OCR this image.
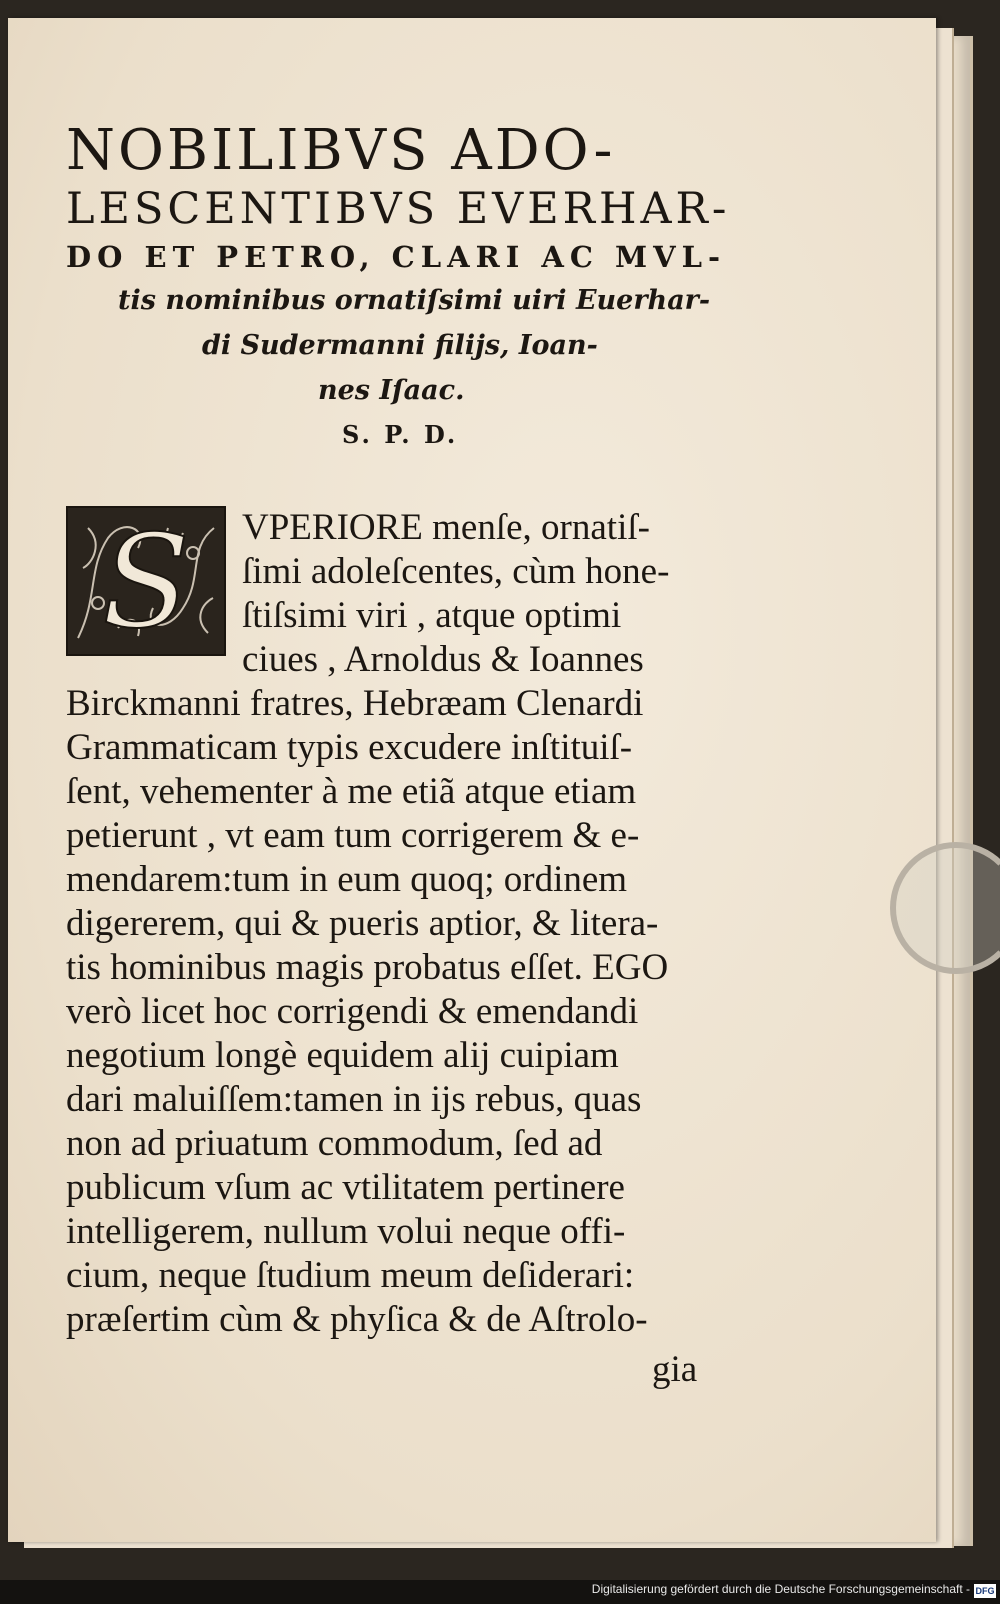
NOBILIBVS ADO-
LESCENTIBVS EVERHAR-
DO ET PETRO, CLARI AC MVL-
tis nominibus ornatiſsimi uiri Euerhar-
di Sudermanni filijs, Ioan-
nes Iſaac.
S. P. D.
S	VPERIORE menſe, ornatiſ-
ſimi adoleſcentes, cùm hone-
ſtiſsimi viri , atque optimi
ciues , Arnoldus & Ioannes
Birckmanni fratres, Hebræam Clenardi
Grammaticam typis excudere inſtituiſ-
ſent, vehementer à me etiã atque etiam
petierunt , vt eam tum corrigerem & e-
mendarem:tum in eum quoq; ordinem
digererem, qui & pueris aptior, & litera-
tis hominibus magis probatus eſſet. EGO
verò licet hoc corrigendi & emendandi
negotium longè equidem alij cuipiam
dari maluiſſem:tamen in ijs rebus, quas
non ad priuatum commodum, ſed ad
publicum vſum ac vtilitatem pertinere
intelligerem, nullum volui neque offi-
cium, neque ſtudium meum deſiderari:
præſertim cùm & phyſica & de Aſtrolo-
gia
Digitalisierung gefördert durch die Deutsche Forschungsgemeinschaft - DFG
